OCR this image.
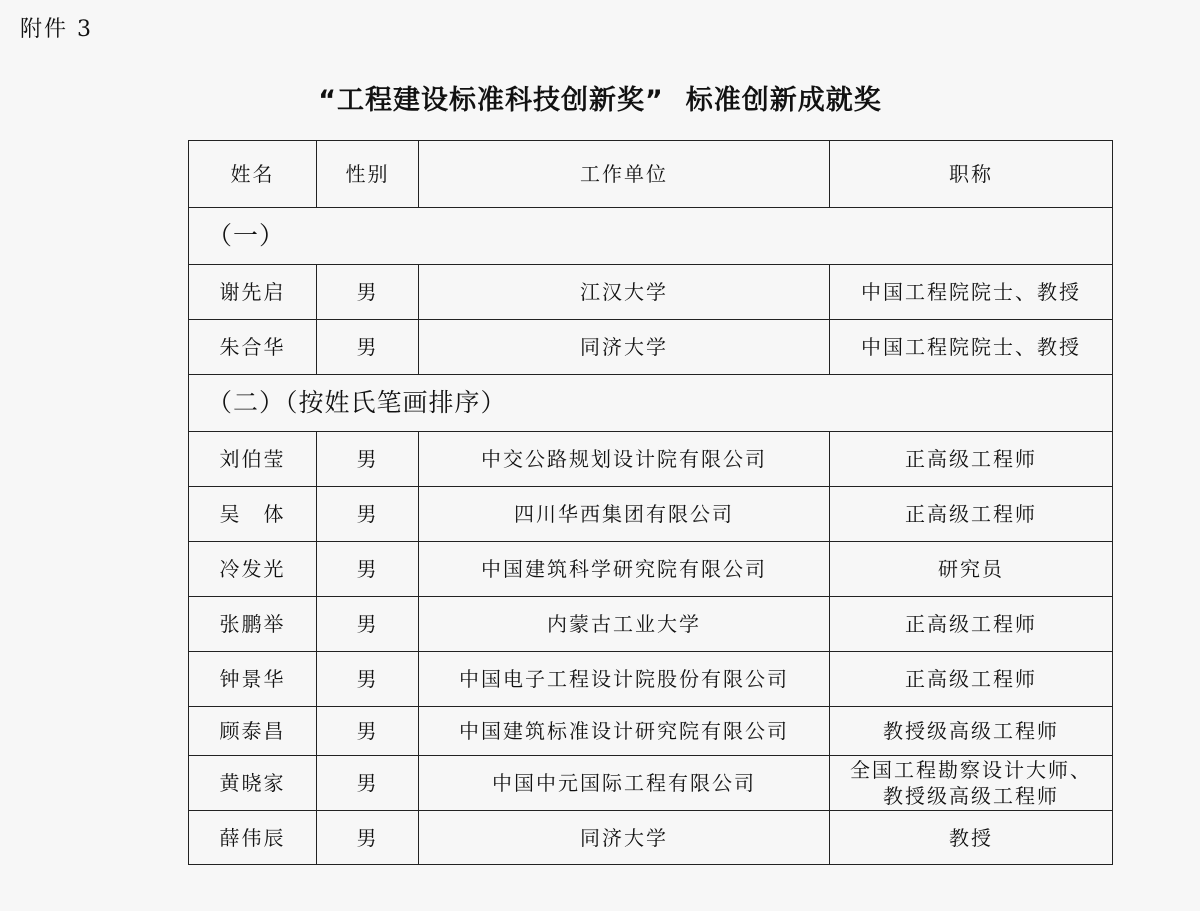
附件 3
“工程建设标准科技创新奖” 标准创新成就奖
姓名	性别	工作单位	职称
（一）			
谢先启	男	江汉大学	中国工程院院士、教授
朱合华	男	同济大学	中国工程院院士、教授
（二）（按姓氏笔画排序）			
刘伯莹	男	中交公路规划设计院有限公司	正高级工程师
吴　体	男	四川华西集团有限公司	正高级工程师
冷发光	男	中国建筑科学研究院有限公司	研究员
张鹏举	男	内蒙古工业大学	正高级工程师
钟景华	男	中国电子工程设计院股份有限公司	正高级工程师
顾泰昌	男	中国建筑标准设计研究院有限公司	教授级高级工程师
黄晓家	男	中国中元国际工程有限公司	全国工程勘察设计大师、
教授级高级工程师

薛伟辰	男	同济大学	教授
